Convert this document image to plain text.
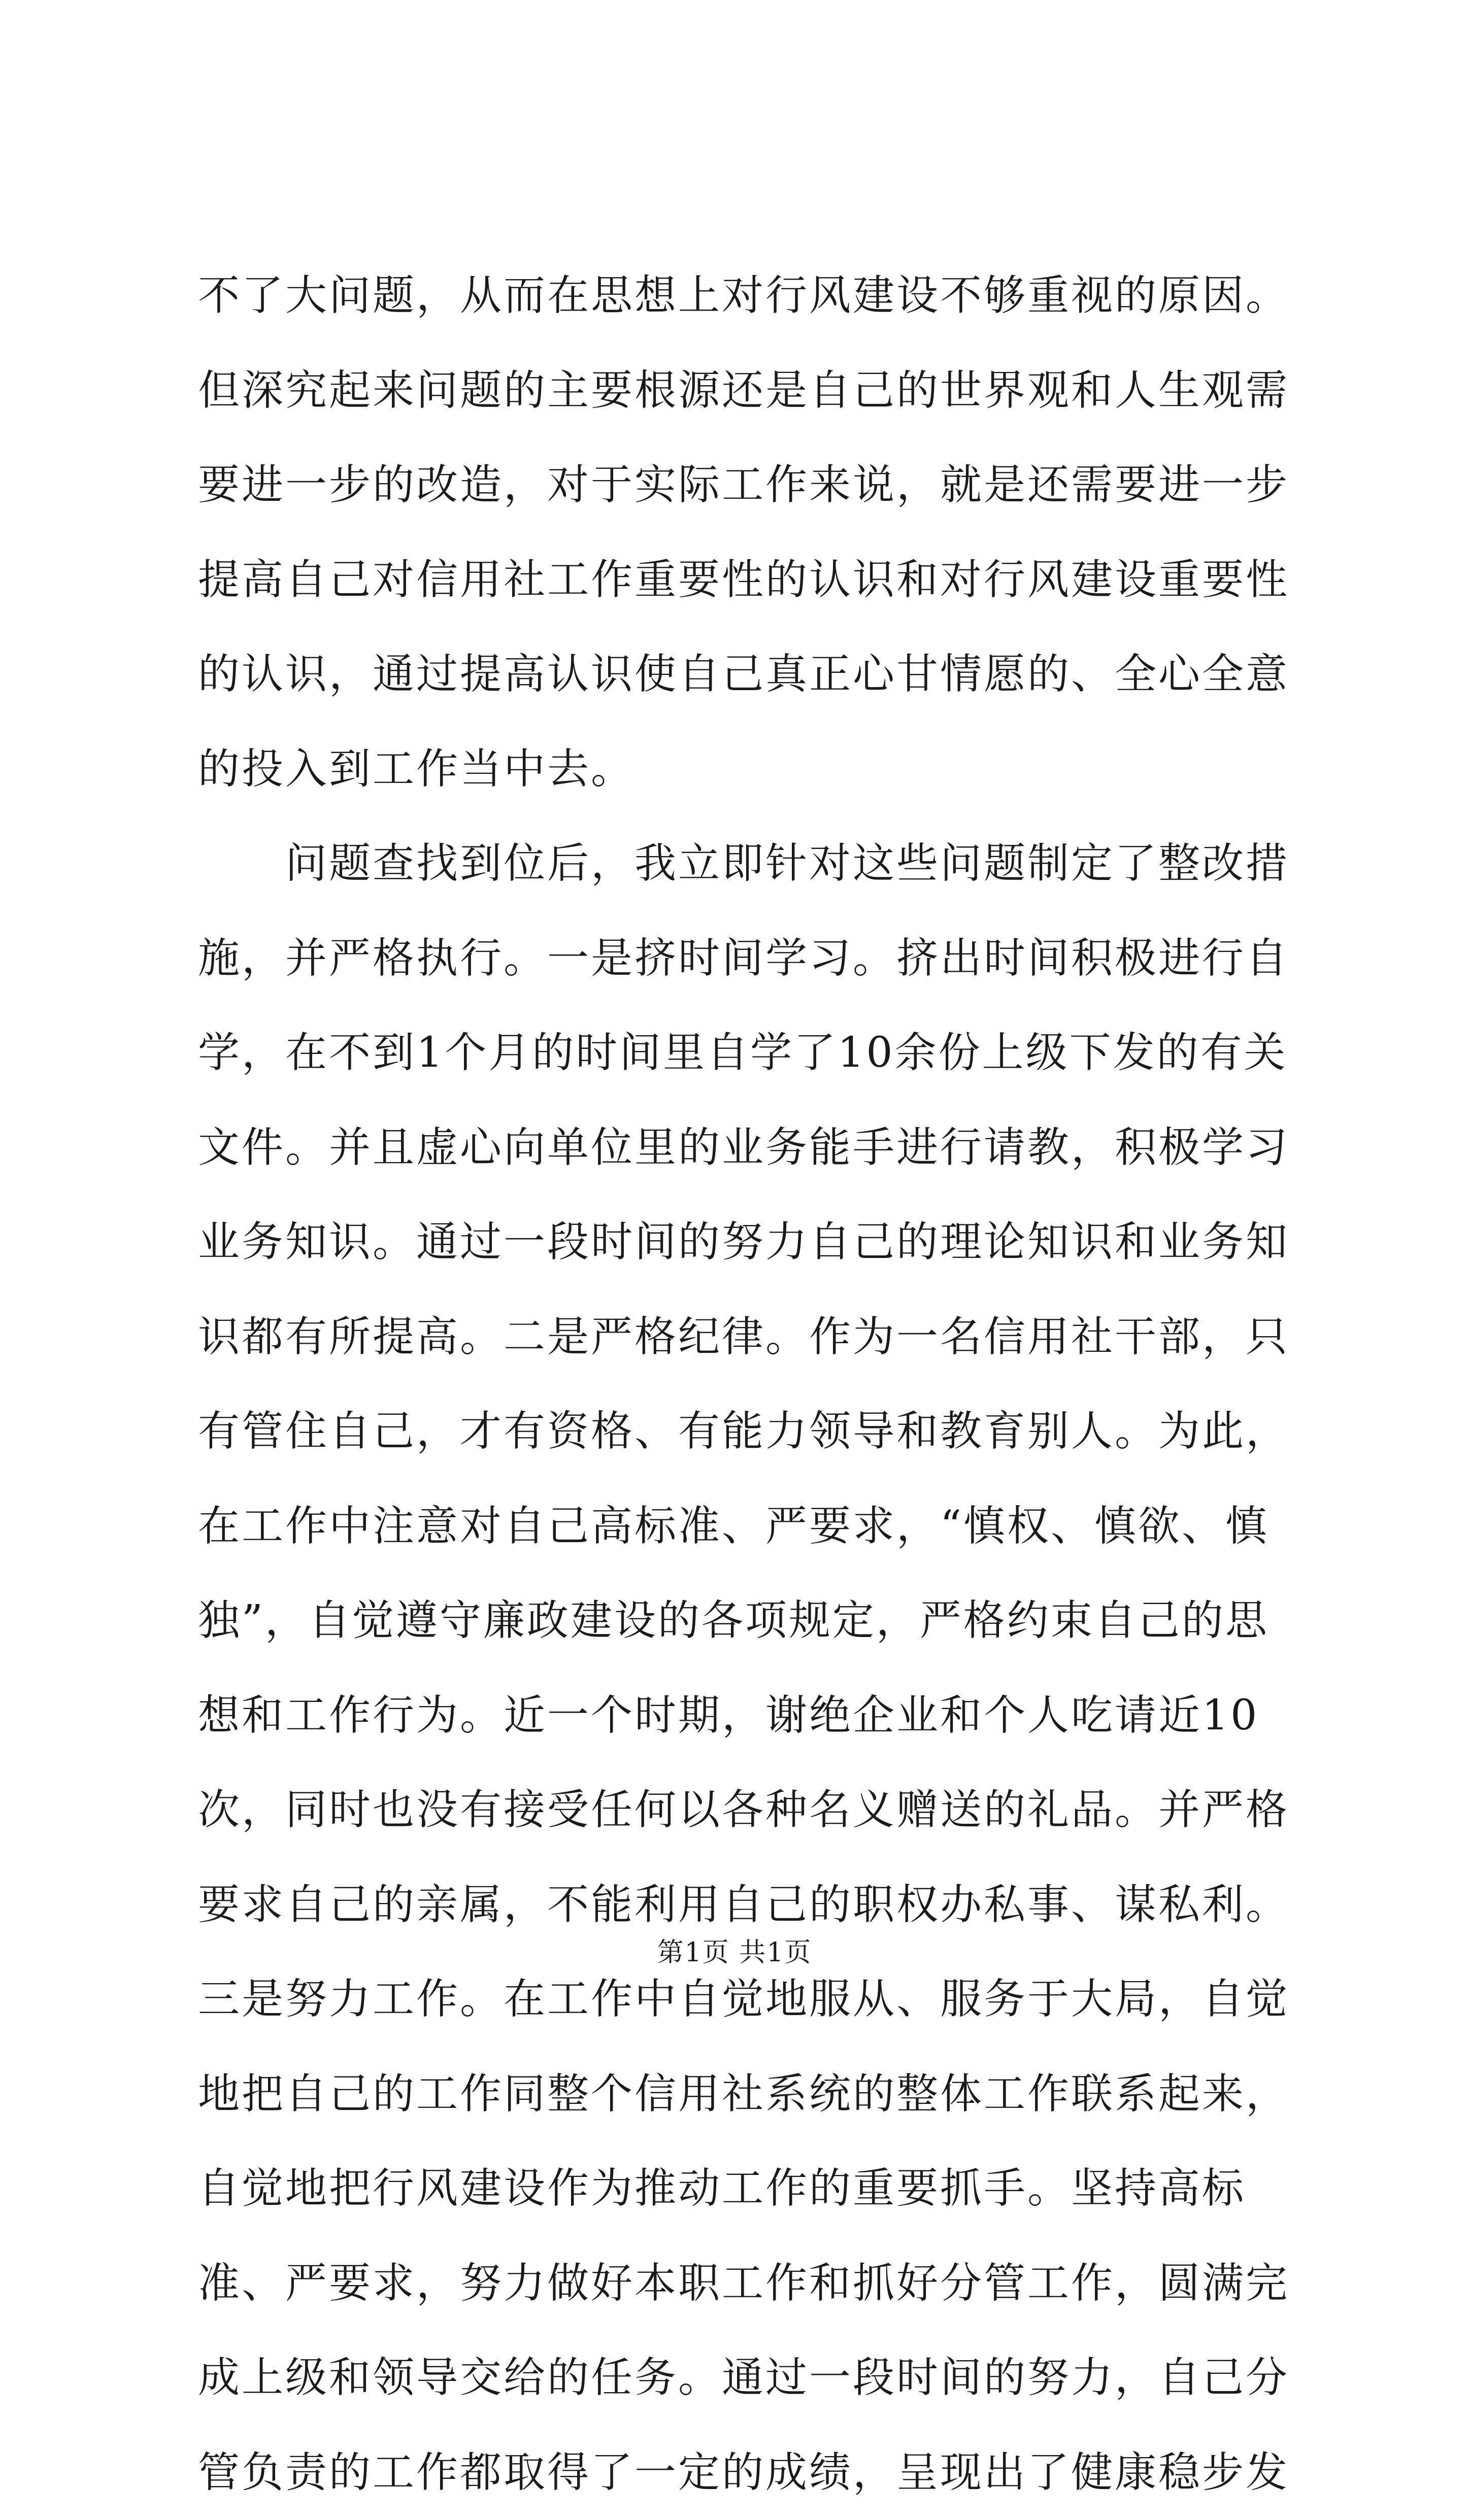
不了大问题，从而在思想上对行风建设不够重视的原因。但深究起来问题的主要根源还是自己的世界观和人生观需要进一步的改造，对于实际工作来说，就是还需要进一步提高自己对信用社工作重要性的认识和对行风建设重要性的认识，通过提高认识使自己真正心甘情愿的、全心全意的投入到工作当中去。

问题查找到位后，我立即针对这些问题制定了整改措施，并严格执行。一是挤时间学习。挤出时间积极进行自学，在不到1个月的时间里自学了10余份上级下发的有关文件。并且虚心向单位里的业务能手进行请教，积极学习业务知识。通过一段时间的努力自己的理论知识和业务知识都有所提高。二是严格纪律。作为一名信用社干部，只有管住自己，才有资格、有能力领导和教育别人。为此，在工作中注意对自己高标准、严要求，“慎权、慎欲、慎独”，自觉遵守廉政建设的各项规定，严格约束自己的思想和工作行为。近一个时期，谢绝企业和个人吃请近10次，同时也没有接受任何以各种名义赠送的礼品。并严格要求自己的亲属，不能利用自己的职权办私事、谋私利。三是努力工作。在工作中自觉地服从、服务于大局，自觉地把自己的工作同整个信用社系统的整体工作联系起来，自觉地把行风建设作为推动工作的重要抓手。坚持高标准、严要求，努力做好本职工作和抓好分管工作，圆满完成上级和领导交给的任务。通过一段时间的努力，自己分管负责的工作都取得了一定的成绩，呈现出了健康稳步发

第1页 共1页
